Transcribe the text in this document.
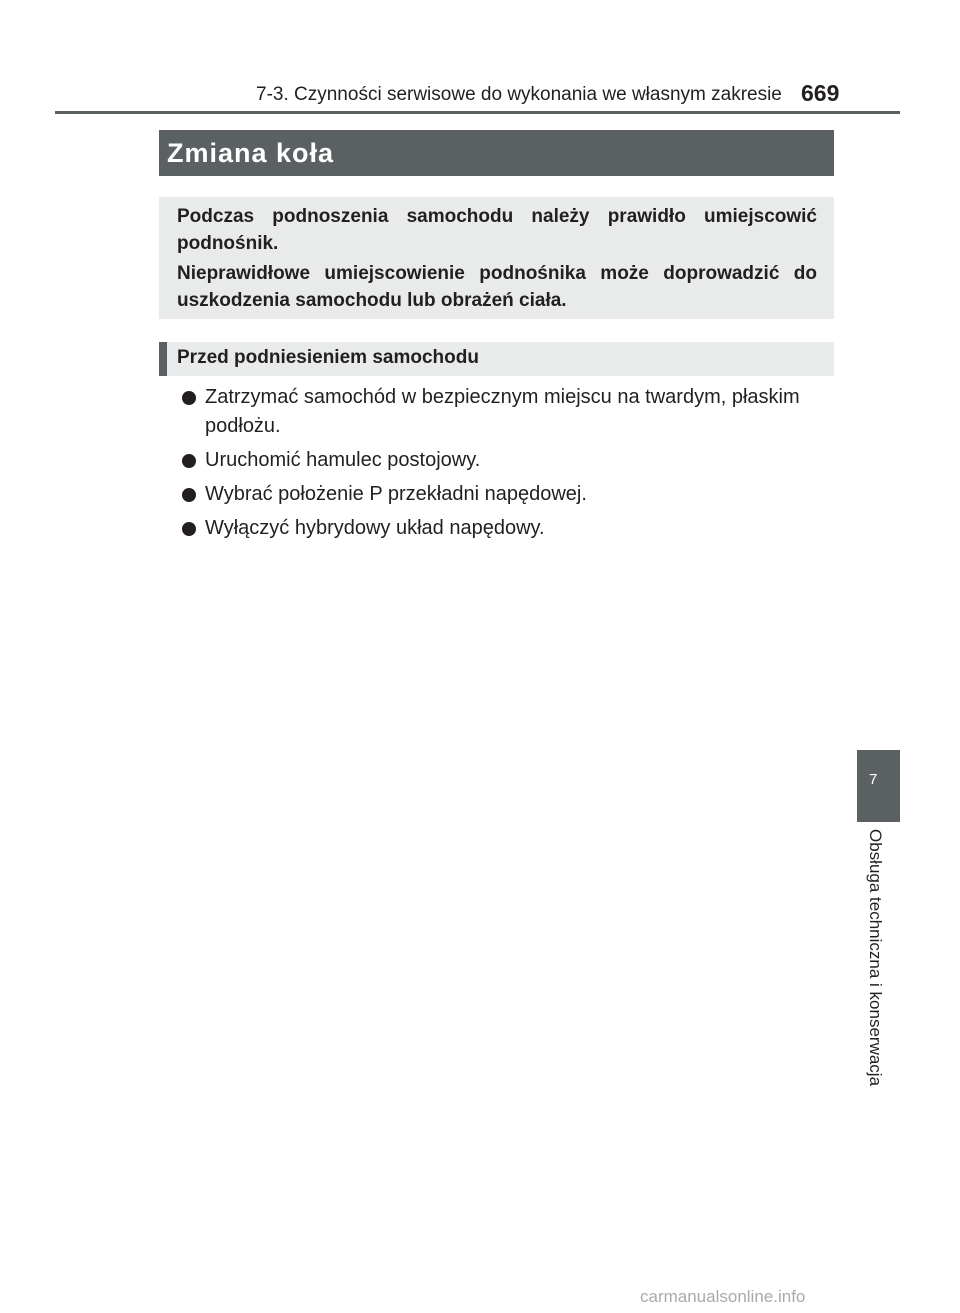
7-3. Czynności serwisowe do wykonania we własnym zakresie 669
Zmiana koła

Podczas podnoszenia samochodu należy prawidło umiejscowić podnośnik.

Nieprawidłowe umiejscowienie podnośnika może doprowadzić do uszkodzenia samochodu lub obrażeń ciała.

Przed podniesieniem samochodu
Zatrzymać samochód w bezpiecznym miejscu na twardym, płaskim podłożu.
Uruchomić hamulec postojowy.
Wybrać położenie P przekładni napędowej.
Wyłączyć hybrydowy układ napędowy.
7
Obsługa techniczna i konserwacja
carmanualsonline.info
